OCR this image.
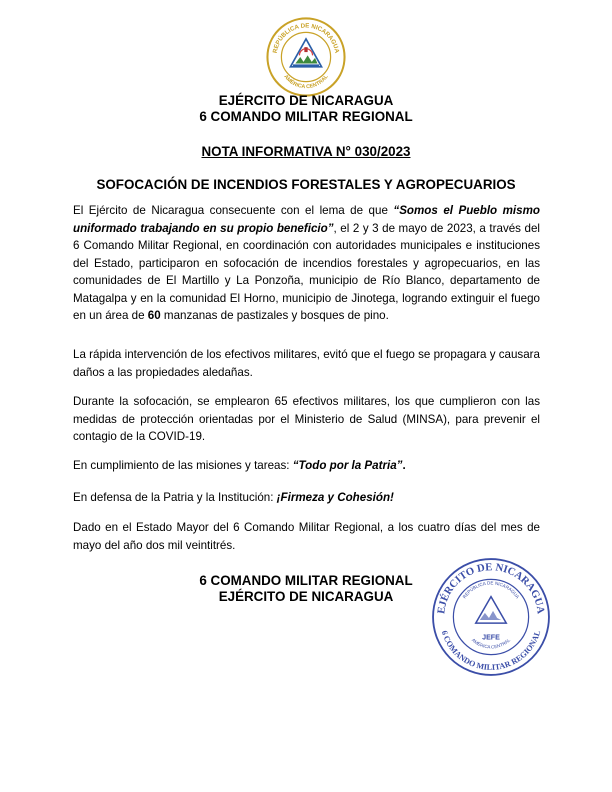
REPÚBLICA DE NICARAGUA
AMÉRICA CENTRAL
EJÉRCITO DE NICARAGUA
6 COMANDO MILITAR REGIONAL
NOTA INFORMATIVA N° 030/2023
SOFOCACIÓN DE INCENDIOS FORESTALES Y AGROPECUARIOS
El Ejército de Nicaragua consecuente con el lema de que “Somos el Pueblo mismo uniformado trabajando en su propio beneficio”, el 2 y 3 de mayo de 2023, a través del 6 Comando Militar Regional, en coordinación con autoridades municipales e instituciones del Estado, participaron en sofocación de incendios forestales y agropecuarios, en las comunidades de El Martillo y La Ponzoña, municipio de Río Blanco, departamento de Matagalpa y en la comunidad El Horno, municipio de Jinotega, logrando extinguir el fuego en un área de 60 manzanas de pastizales y bosques de pino.
La rápida intervención de los efectivos militares, evitó que el fuego se propagara y causara daños a las propiedades aledañas.
Durante la sofocación, se emplearon 65 efectivos militares, los que cumplieron con las medidas de protección orientadas por el Ministerio de Salud (MINSA), para prevenir el contagio de la COVID-19.
En cumplimiento de las misiones y tareas: “Todo por la Patria”.
En defensa de la Patria y la Institución: ¡Firmeza y Cohesión!
Dado en el Estado Mayor del 6 Comando Militar Regional, a los cuatro días del mes de mayo del año dos mil veintitrés.
6 COMANDO MILITAR REGIONAL
EJÉRCITO DE NICARAGUA
EJÉRCITO DE NICARAGUA
6 COMANDO MILITAR REGIONAL
REPÚBLICA DE NICARAGUA
AMÉRICA CENTRAL
JEFE
